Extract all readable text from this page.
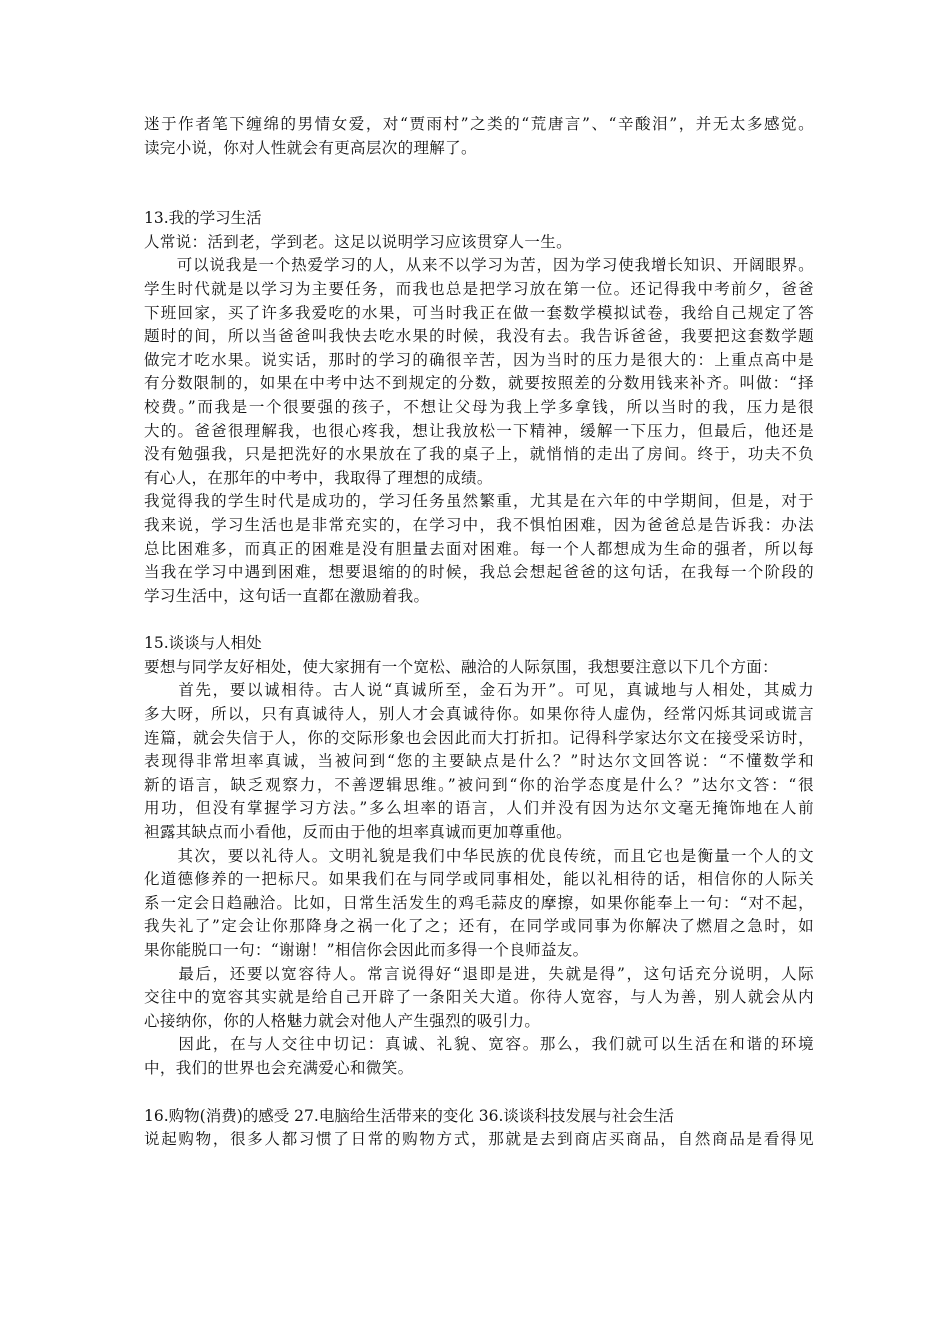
迷于作者笔下缠绵的男情女爱，对“贾雨村”之类的“荒唐言”、“辛酸泪”，并无太多感觉。
读完小说，你对人性就会有更高层次的理解了。
13.我的学习生活
人常说：活到老，学到老。这足以说明学习应该贯穿人一生。
　　可以说我是一个热爱学习的人，从来不以学习为苦，因为学习使我增长知识、开阔眼界。
学生时代就是以学习为主要任务，而我也总是把学习放在第一位。还记得我中考前夕，爸爸
下班回家，买了许多我爱吃的水果，可当时我正在做一套数学模拟试卷，我给自己规定了答
题时的间，所以当爸爸叫我快去吃水果的时候，我没有去。我告诉爸爸，我要把这套数学题
做完才吃水果。说实话，那时的学习的确很辛苦，因为当时的压力是很大的：上重点高中是
有分数限制的，如果在中考中达不到规定的分数，就要按照差的分数用钱来补齐。叫做：“择
校费。”而我是一个很要强的孩子，不想让父母为我上学多拿钱，所以当时的我，压力是很
大的。爸爸很理解我，也很心疼我，想让我放松一下精神，缓解一下压力，但最后，他还是
没有勉强我，只是把洗好的水果放在了我的桌子上，就悄悄的走出了房间。终于，功夫不负
有心人，在那年的中考中，我取得了理想的成绩。
我觉得我的学生时代是成功的，学习任务虽然繁重，尤其是在六年的中学期间，但是，对于
我来说，学习生活也是非常充实的，在学习中，我不惧怕困难，因为爸爸总是告诉我：办法
总比困难多，而真正的困难是没有胆量去面对困难。每一个人都想成为生命的强者，所以每
当我在学习中遇到困难，想要退缩的的时候，我总会想起爸爸的这句话，在我每一个阶段的
学习生活中，这句话一直都在激励着我。
15.谈谈与人相处
要想与同学友好相处，使大家拥有一个宽松、融洽的人际氛围，我想要注意以下几个方面：
　　首先，要以诚相待。古人说“真诚所至，金石为开”。可见，真诚地与人相处，其威力
多大呀，所以，只有真诚待人，别人才会真诚待你。如果你待人虚伪，经常闪烁其词或谎言
连篇，就会失信于人，你的交际形象也会因此而大打折扣。记得科学家达尔文在接受采访时，
表现得非常坦率真诚，当被问到“您的主要缺点是什么？”时达尔文回答说：“不懂数学和
新的语言，缺乏观察力，不善逻辑思维。”被问到“你的治学态度是什么？”达尔文答：“很
用功，但没有掌握学习方法。”多么坦率的语言，人们并没有因为达尔文毫无掩饰地在人前
袒露其缺点而小看他，反而由于他的坦率真诚而更加尊重他。
　　其次，要以礼待人。文明礼貌是我们中华民族的优良传统，而且它也是衡量一个人的文
化道德修养的一把标尺。如果我们在与同学或同事相处，能以礼相待的话，相信你的人际关
系一定会日趋融洽。比如，日常生活发生的鸡毛蒜皮的摩擦，如果你能奉上一句：“对不起，
我失礼了”定会让你那降身之祸一化了之；还有，在同学或同事为你解决了燃眉之急时，如
果你能脱口一句：“谢谢！”相信你会因此而多得一个良师益友。
　　最后，还要以宽容待人。常言说得好“退即是进，失就是得”，这句话充分说明，人际
交往中的宽容其实就是给自己开辟了一条阳关大道。你待人宽容，与人为善，别人就会从内
心接纳你，你的人格魅力就会对他人产生强烈的吸引力。
　　因此，在与人交往中切记：真诚、礼貌、宽容。那么，我们就可以生活在和谐的环境
中，我们的世界也会充满爱心和微笑。
16.购物(消费)的感受 27.电脑给生活带来的变化 36.谈谈科技发展与社会生活
说起购物，很多人都习惯了日常的购物方式，那就是去到商店买商品，自然商品是看得见
